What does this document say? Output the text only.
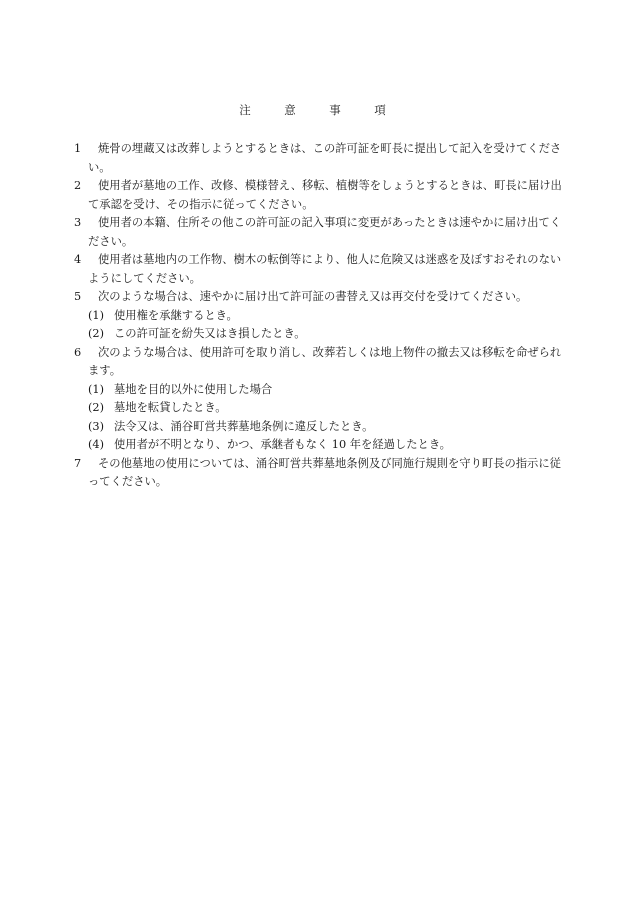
注　意　事　項
1	焼骨の埋蔵又は改葬しようとするときは、この許可証を町長に提出して記入を受けてください。
2	使用者が墓地の工作、改修、模様替え、移転、植樹等をしょうとするときは、町長に届け出て承認を受け、その指示に従ってください。
3	使用者の本籍、住所その他この許可証の記入事項に変更があったときは速やかに届け出てください。
4	使用者は墓地内の工作物、樹木の転倒等により、他人に危険又は迷惑を及ぼすおそれのないようにしてください。
5	次のような場合は、速やかに届け出て許可証の書替え又は再交付を受けてください。
(1) 使用権を承継するとき。
(2) この許可証を紛失又はき損したとき。
6	次のような場合は、使用許可を取り消し、改葬若しくは地上物件の撤去又は移転を命ぜられます。
(1) 墓地を目的以外に使用した場合
(2) 墓地を転貸したとき。
(3) 法令又は、涌谷町営共葬墓地条例に違反したとき。
(4) 使用者が不明となり、かつ、承継者もなく 10 年を経過したとき。
7	その他墓地の使用については、涌谷町営共葬墓地条例及び同施行規則を守り町長の指示に従ってください。
